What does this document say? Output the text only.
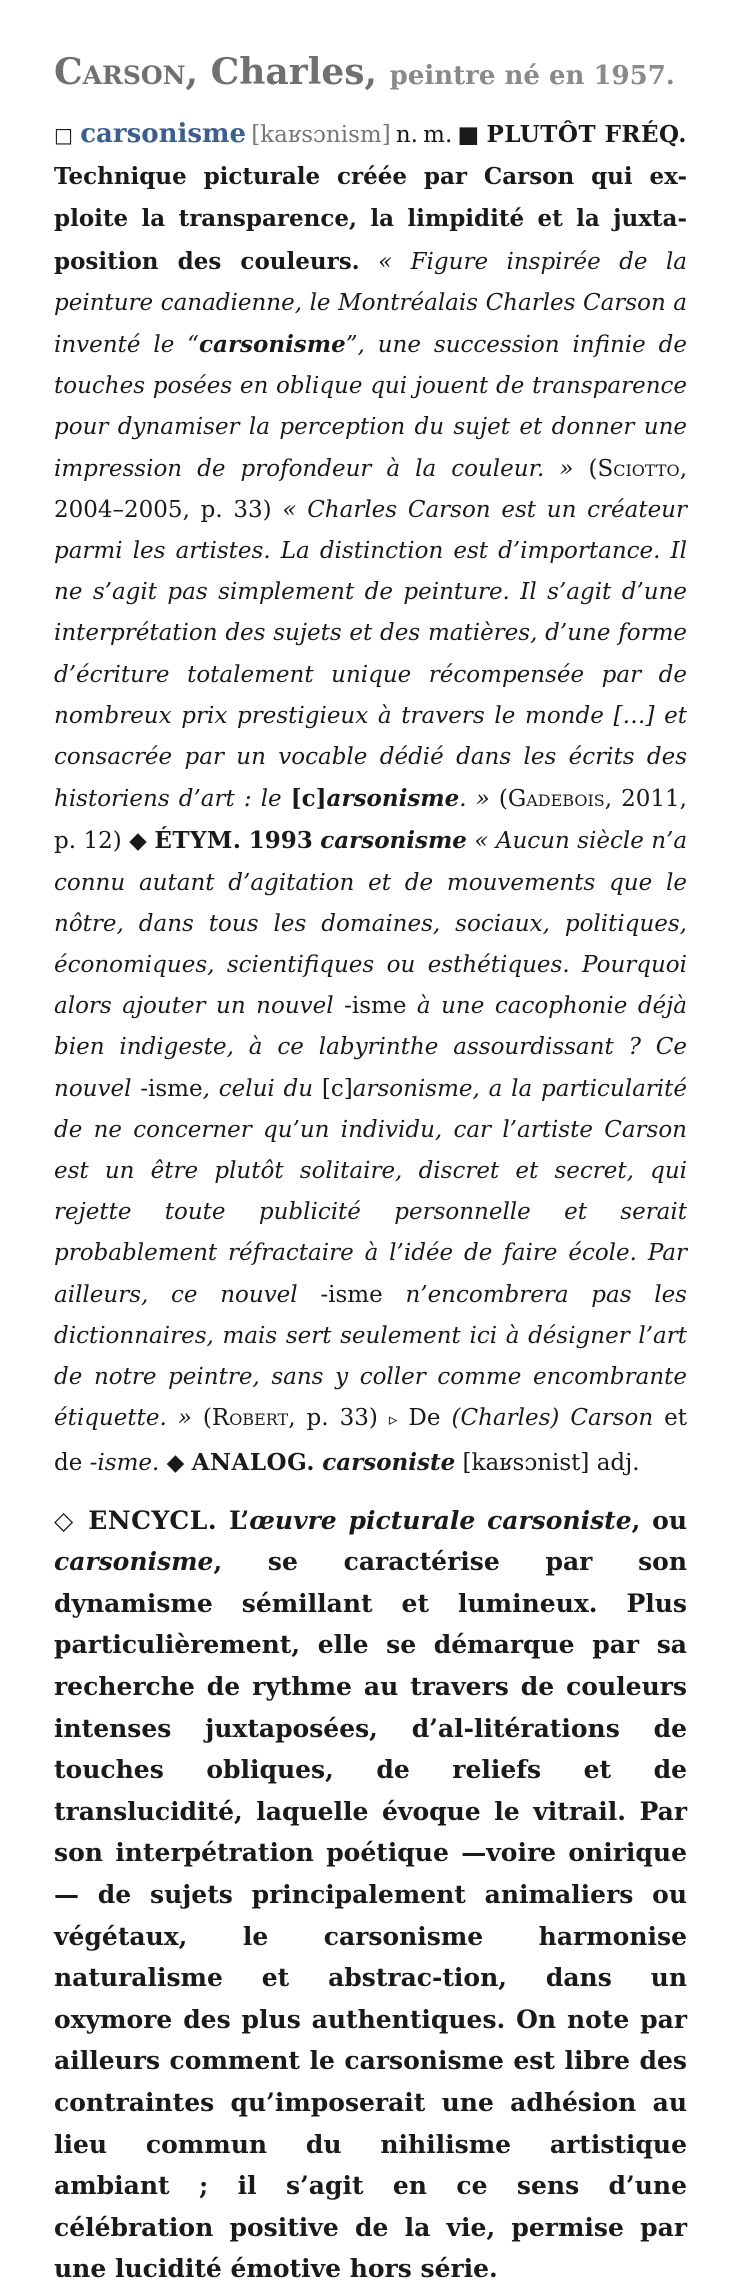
Carson, Charles, peintre né en 1957.
□ carsonisme [kaʁsɔnism] n. m. ■ PLUTÔT FRÉQ.

Technique picturale créée par Carson qui ex-ploite la transparence, la limpidité et la juxta-position des couleurs. « Figure inspirée de la peinture canadienne, le Montréalais Charles Carson a inventé le “carsonisme”, une succession infinie de touches posées en oblique qui jouent de transparence pour dynamiser la perception du sujet et donner une impression de profondeur à la couleur. » (Sciotto, 2004–2005, p. 33) « Charles Carson est un créateur parmi les artistes. La distinction est d’importance. Il ne s’agit pas simplement de peinture. Il s’agit d’une interprétation des sujets et des matières, d’une forme d’écriture totalement unique récompensée par de nombreux prix prestigieux à travers le monde […] et consacrée par un vocable dédié dans les écrits des historiens d’art : le [c]arsonisme. » (Gadebois, 2011, p. 12) ◆ ÉTYM. 1993 carsonisme « Aucun siècle n’a connu autant d’agitation et de mouvements que le nôtre, dans tous les domaines, sociaux, politiques, économiques, scientifiques ou esthétiques. Pourquoi alors ajouter un nouvel -isme à une cacophonie déjà bien indigeste, à ce labyrinthe assourdissant ? Ce nouvel -isme, celui du [c]arsonisme, a la particularité de ne concerner qu’un individu, car l’artiste Carson est un être plutôt solitaire, discret et secret, qui rejette toute publicité personnelle et serait probablement réfractaire à l’idée de faire école. Par ailleurs, ce nouvel -isme n’encombrera pas les dictionnaires, mais sert seulement ici à désigner l’art de notre peintre, sans y coller comme encombrante étiquette. » (Robert, p. 33) ▹ De (Charles) Carson et de -isme. ◆ ANALOG. carsoniste [kaʁsɔnist] adj.

◇ ENCYCL. L’œuvre picturale carsoniste, ou carsonisme, se caractérise par son dynamisme sémillant et lumineux. Plus particulièrement, elle se démarque par sa recherche de rythme au travers de couleurs intenses juxtaposées, d’al-litérations de touches obliques, de reliefs et de translucidité, laquelle évoque le vitrail. Par son interpétration poétique —voire onirique— de sujets principalement animaliers ou végétaux, le carsonisme harmonise naturalisme et abstrac-tion, dans un oxymore des plus authentiques. On note par ailleurs comment le carsonisme est libre des contraintes qu’imposerait une adhésion au lieu commun du nihilisme artistique ambiant ; il s’agit en ce sens d’une célébration positive de la vie, permise par une lucidité émotive hors série.
